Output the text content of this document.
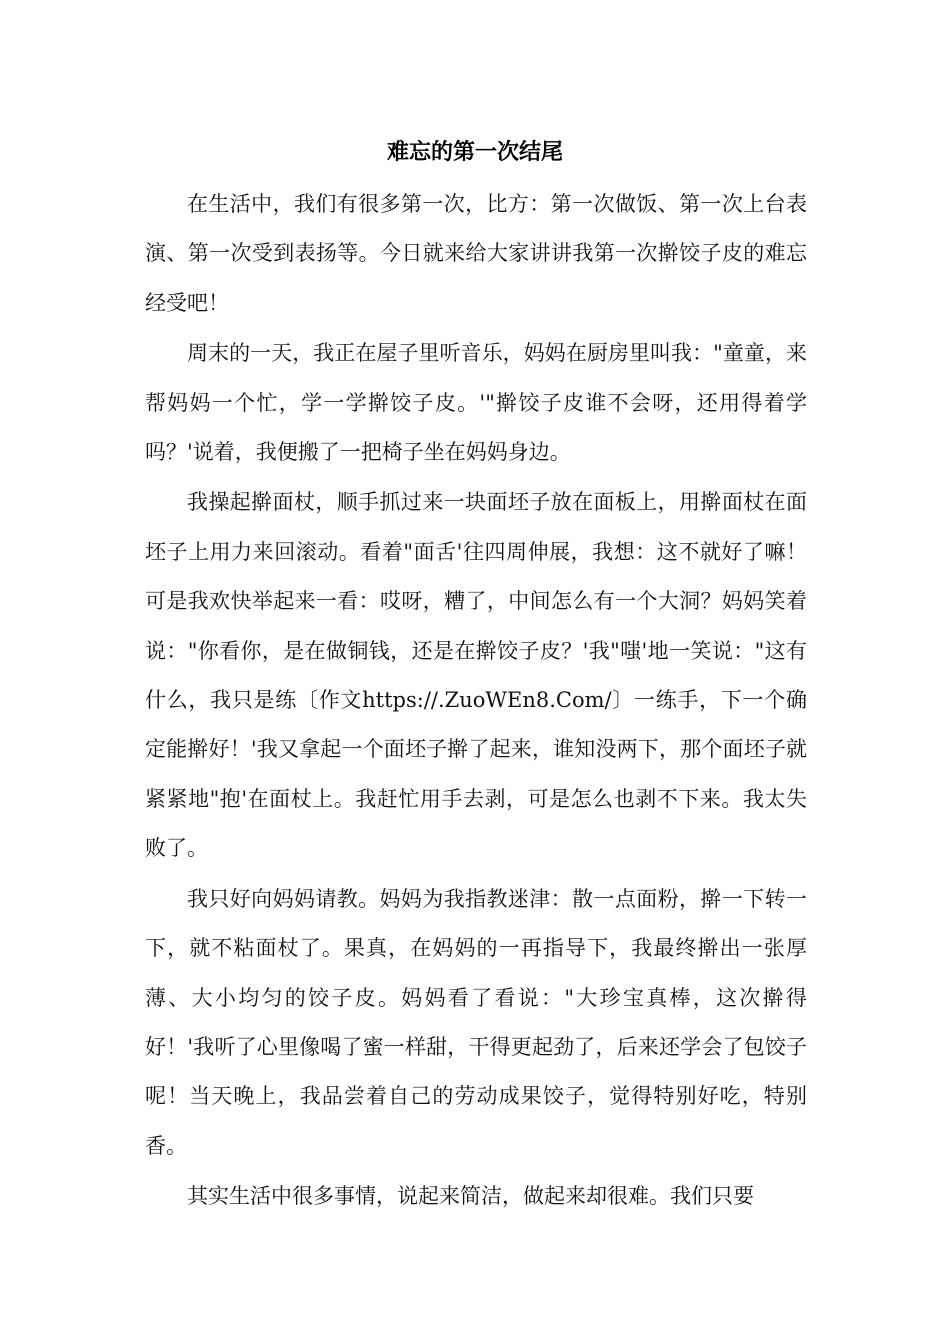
难忘的第一次结尾

在生活中，我们有很多第一次，比方：第一次做饭、第一次上台表演、第一次受到表扬等。今日就来给大家讲讲我第一次擀饺子皮的难忘经受吧！

周末的一天，我正在屋子里听音乐，妈妈在厨房里叫我："童童，来帮妈妈一个忙，学一学擀饺子皮。'"擀饺子皮谁不会呀，还用得着学吗？'说着，我便搬了一把椅子坐在妈妈身边。

我操起擀面杖，顺手抓过来一块面坯子放在面板上，用擀面杖在面坯子上用力来回滚动。看着"面舌'往四周伸展，我想：这不就好了嘛！可是我欢快举起来一看：哎呀，糟了，中间怎么有一个大洞？妈妈笑着说："你看你，是在做铜钱，还是在擀饺子皮？'我"嗤'地一笑说："这有什么，我只是练〔作文https://.ZuoWEn8.Com/〕一练手，下一个确定能擀好！'我又拿起一个面坯子擀了起来，谁知没两下，那个面坯子就紧紧地"抱'在面杖上。我赶忙用手去剥，可是怎么也剥不下来。我太失败了。

我只好向妈妈请教。妈妈为我指教迷津：散一点面粉，擀一下转一下，就不粘面杖了。果真，在妈妈的一再指导下，我最终擀出一张厚薄、大小均匀的饺子皮。妈妈看了看说："大珍宝真棒，这次擀得好！'我听了心里像喝了蜜一样甜，干得更起劲了，后来还学会了包饺子呢！当天晚上，我品尝着自己的劳动成果饺子，觉得特别好吃，特别香。

其实生活中很多事情，说起来简洁，做起来却很难。我们只要
